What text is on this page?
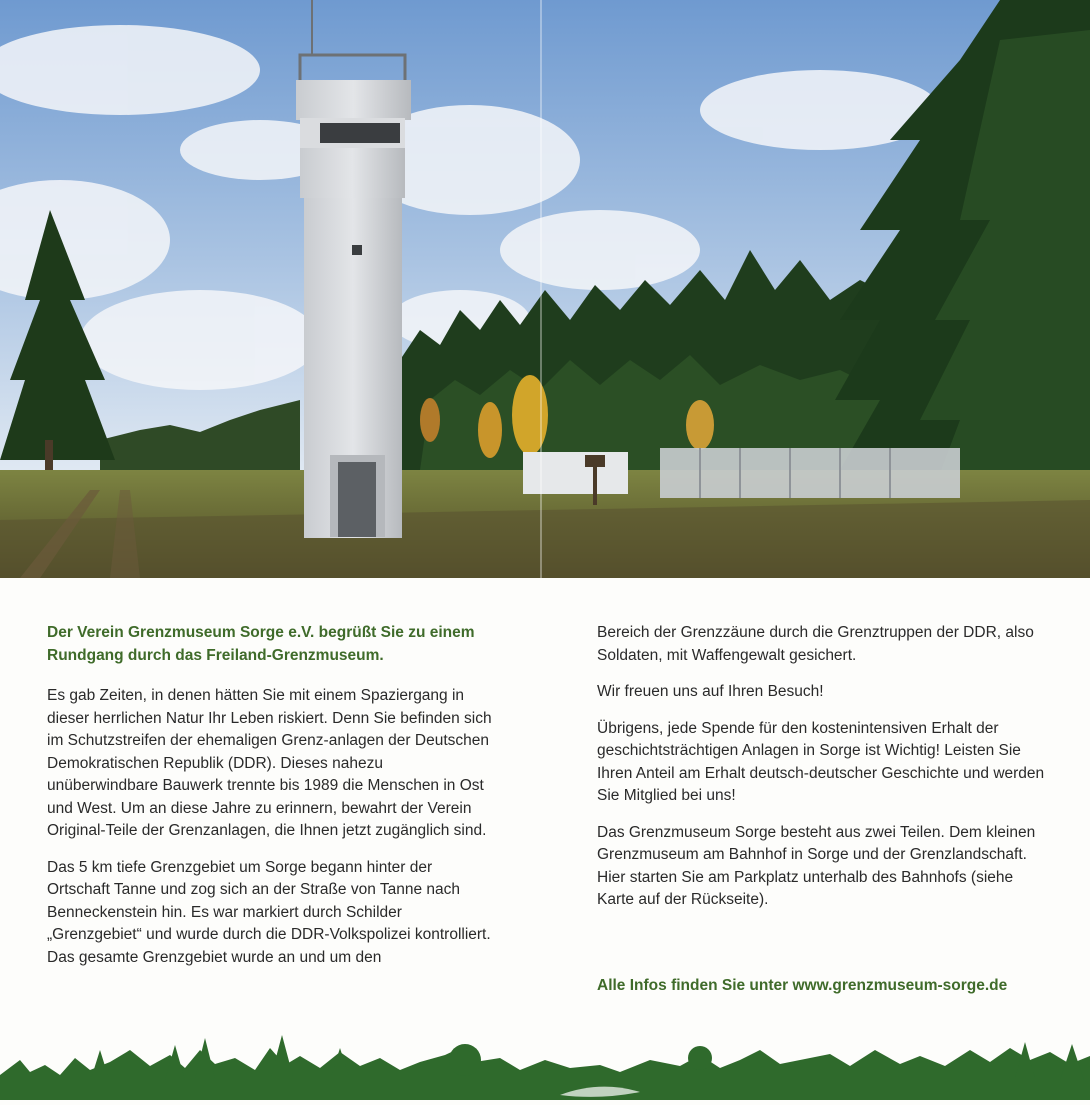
Der Verein Grenzmuseum Sorge e.V. begrüßt Sie zu einem
Rundgang durch das Freiland-Grenzmuseum.

Es gab Zeiten, in denen hätten Sie mit einem Spaziergang in dieser herrlichen Natur Ihr Leben riskiert. Denn Sie befinden sich im Schutzstreifen der ehemaligen Grenz-anlagen der Deutschen Demokratischen Republik (DDR). Dieses nahezu unüberwindbare Bauwerk trennte bis 1989 die Menschen in Ost und West. Um an diese Jahre zu erinnern, bewahrt der Verein Original-Teile der Grenzanlagen, die Ihnen jetzt zugänglich sind.

Das 5 km tiefe Grenzgebiet um Sorge begann hinter der Ortschaft Tanne und zog sich an der Straße von Tanne nach Benneckenstein hin. Es war markiert durch Schilder „Grenzgebiet“ und wurde durch die DDR-Volkspolizei kontrolliert. Das gesamte Grenzgebiet wurde an und um den

Bereich der Grenzzäune durch die Grenztruppen der DDR, also Soldaten, mit Waffengewalt gesichert.

Wir freuen uns auf Ihren Besuch!

Übrigens, jede Spende für den kostenintensiven Erhalt der geschichtsträchtigen Anlagen in Sorge ist Wichtig! Leisten Sie Ihren Anteil am Erhalt deutsch-deutscher Geschichte und werden Sie Mitglied bei uns!

Das Grenzmuseum Sorge besteht aus zwei Teilen. Dem kleinen Grenzmuseum am Bahnhof in Sorge und der Grenzlandschaft. Hier starten Sie am Parkplatz unterhalb des Bahnhofs (siehe Karte auf der Rückseite).

Alle Infos finden Sie unter www.grenzmuseum-sorge.de
